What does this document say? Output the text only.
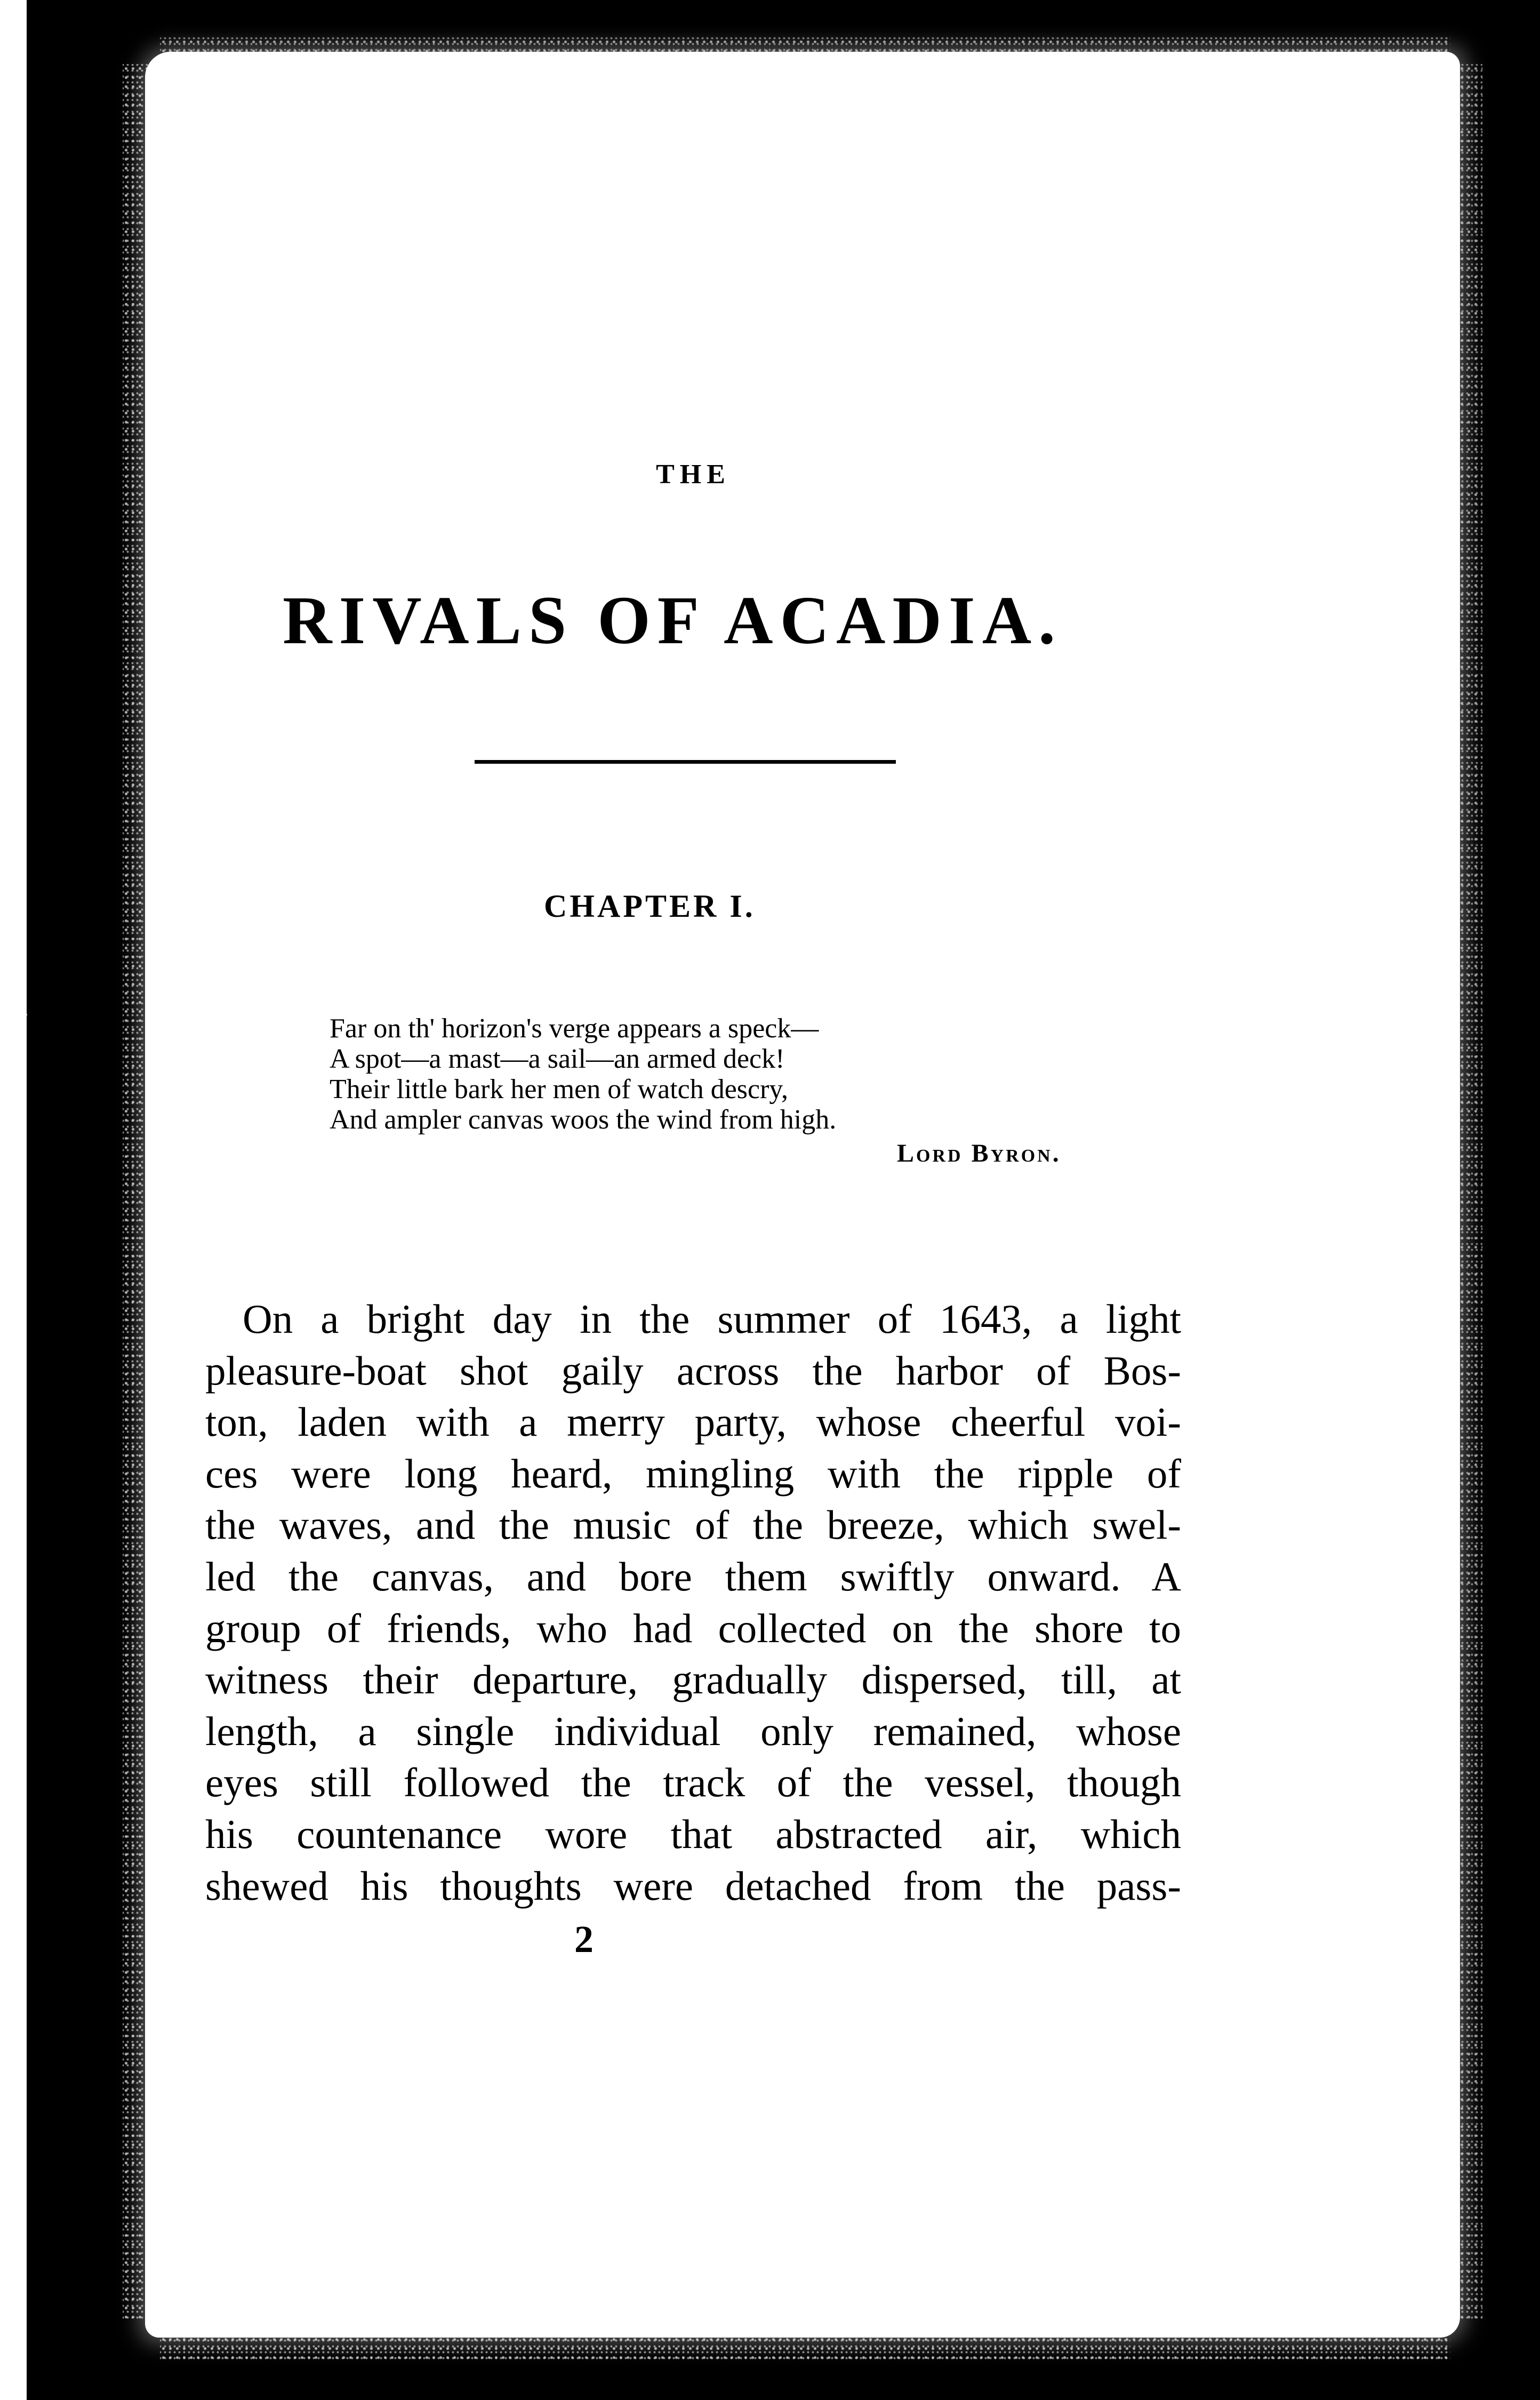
o.
,
a
t
THE
RIVALS OF ACADIA.
CHAPTER I.
Far on th' horizon's verge appears a speck—
A spot—a mast—a sail—an armed deck!
Their little bark her men of watch descry,
And ampler canvas woos the wind from high.
Lord Byron.
On a bright day in the summer of 1643, a light
pleasure-boat shot gaily across the harbor of Bos-
ton, laden with a merry party, whose cheerful voi-
ces were long heard, mingling with the ripple of
the waves, and the music of the breeze, which swel-
led the canvas, and bore them swiftly onward. A
group of friends, who had collected on the shore to
witness their departure, gradually dispersed, till, at
length, a single individual only remained, whose
eyes still followed the track of the vessel, though
his countenance wore that abstracted air, which
shewed his thoughts were detached from the pass-
2
